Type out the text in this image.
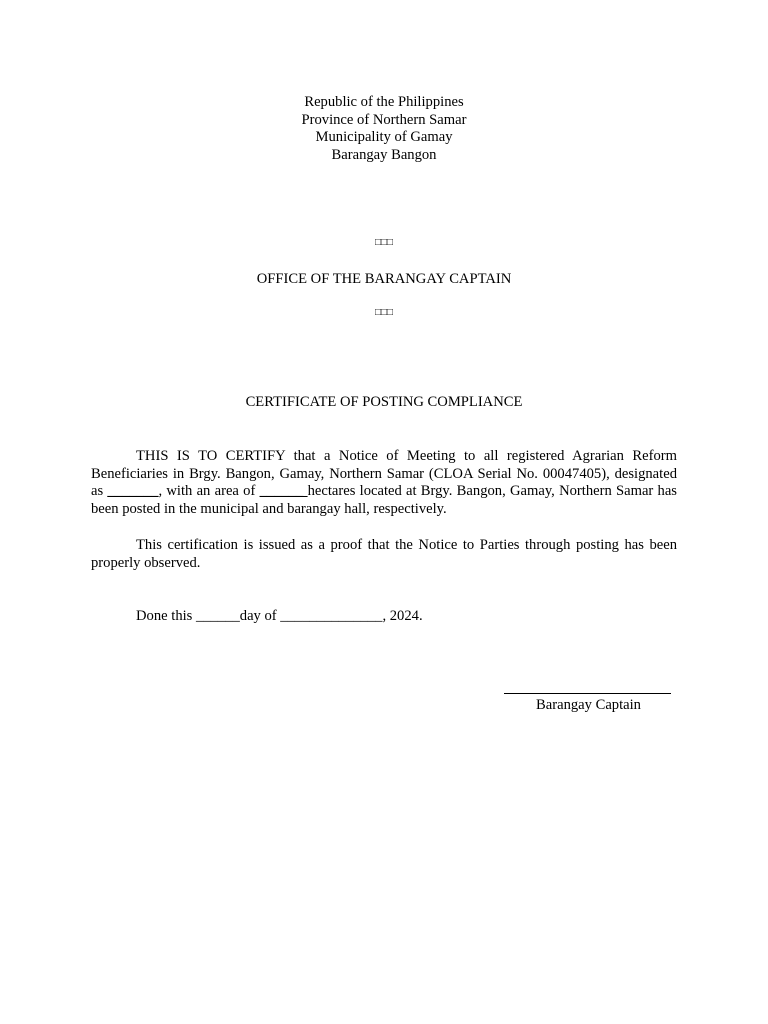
Republic of the Philippines
Province of Northern Samar
Municipality of Gamay
Barangay Bangon
□□□
OFFICE OF THE BARANGAY CAPTAIN
□□□
CERTIFICATE OF POSTING COMPLIANCE

THIS IS TO CERTIFY that a Notice of Meeting to all registered Agrarian Reform Beneficiaries in Brgy. Bangon, Gamay, Northern Samar (CLOA Serial No. 00047405), designated as _______, with an area of ______ hectares located at Brgy. Bangon, Gamay, Northern Samar has been posted in the municipal and barangay hall, respectively.

This certification is issued as a proof that the Notice to Parties through posting has been properly observed.

Done this ______day of ______________, 2024.

Barangay Captain
